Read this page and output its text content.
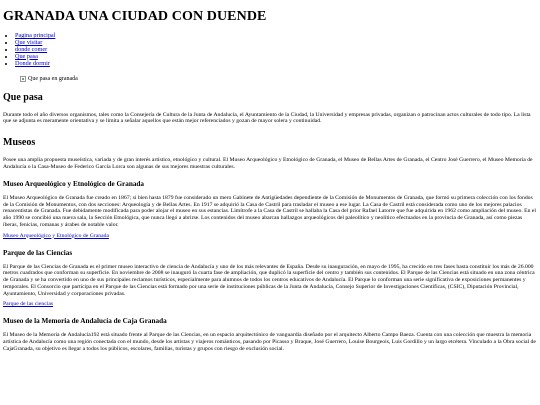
GRANADA UNA CIUDAD CON DUENDE
• Pagina principal
• Que visitar
• donde comer
• Que pasa
• Donde dormir
Que pasa en granada
Que pasa

Durante todo el año diversos organismos, tales como la Consejería de Cultura de la Junta de Andalucía, el Ayuntamiento de la Ciudad, la Universidad y empresas privadas, organizan o patrocinan actos culturales de todo tipo. La lista que se adjunta es meramente orientativa y se limita a señalar aquellos que están mejor referenciados y gozan de mayor solera y continuidad.

Museos

Posee una amplia propuesta museística, variada y de gran interés artístico, etnológico y cultural. El Museo Arqueológico y Etnológico de Granada, el Museo de Bellas Artes de Granada, el Centro José Guerrero, el Museo Memoria de Andalucía o la Casa-Museo de Federico García Lorca son algunas de sus mejores muestras culturales.

Museo Arqueológico y Etnológico de Granada

El Museo Arqueológico de Granada fue creado en 1867; si bien hasta 1879 fue considerado un mero Gabinete de Antigüedades dependiente de la Comisión de Monumentos de Granada, que formó su primera colección con los fondos de la Comisión de Monumentos, con dos secciones: Arqueología y de Bellas Artes. En 1917 se adquirió la Casa de Castril para trasladar el museo a ese lugar. La Casa de Castril está considerada como uno de los mejores palacios renacentistas de Granada. Fue debidamente modificada para poder alojar el museo en sus estancias. Limítrofe a la Casa de Castril se hallaba la Casa del prior Rafael Latorre que fue adquirida en 1962 como ampliación del museo. En el año 1990 se concibió una nueva sala, la Sección Etnológica, que nunca llegó a abrirse. Los contenidos del museo abarcan hallazgos arqueológicos del paleolítico y neolítico efectuados en la provincia de Granada, así como piezas íberas, fenicias, romanas y árabes de notable valor.

Museo Arqueológico y Etnológico de Granada
Parque de las Ciencias

El Parque de las Ciencias de Granada es el primer museo interactivo de ciencia de Andalucía y uno de los más relevantes de España. Desde su inauguración, en mayo de 1995, ha crecido en tres fases hasta constituir los más de 26.000 metros cuadrados que conforman su superficie. En noviembre de 2008 se inauguró la cuarta fase de ampliación, que duplicó la superficie del centro y también sus contenidos. El Parque de las Ciencias está situado en una zona céntrica de Granada y se ha convertido en uno de sus principales reclamos turísticos, especialmente para alumnos de todos los centros educativos de Andalucía. El Parque lo conforman una serie significativa de exposiciones permanentes y temporales. El Consorcio que participa en el Parque de las Ciencias está formado por una serie de instituciones públicas de la Junta de Andalucía, Consejo Superior de Investigaciones Científicas, (CSIC), Diputación Provincial, Ayuntamiento, Universidad y corporaciones privadas.

Parque de las ciencias
Museo de la Memoria de Andalucía de Caja Granada

El Museo de la Memoria de Andalucía192 está situado frente al Parque de las Ciencias, en un espacio arquitectónico de vanguardia diseñado por el arquitecto Alberto Campo Baeza. Cuenta con una colección que muestra la memoria artística de Andalucía como una región conectada con el mundo, desde los artistas y viajeros románticos, pasando por Picasso y Braque, José Guerrero, Louise Bourgeois, Luis Gordillo y un largo etcétera. Vinculado a la Obra social de CajaGranada, su objetivo es llegar a todos los públicos, escolares, familias, turistas y grupos con riesgo de exclusión social.
